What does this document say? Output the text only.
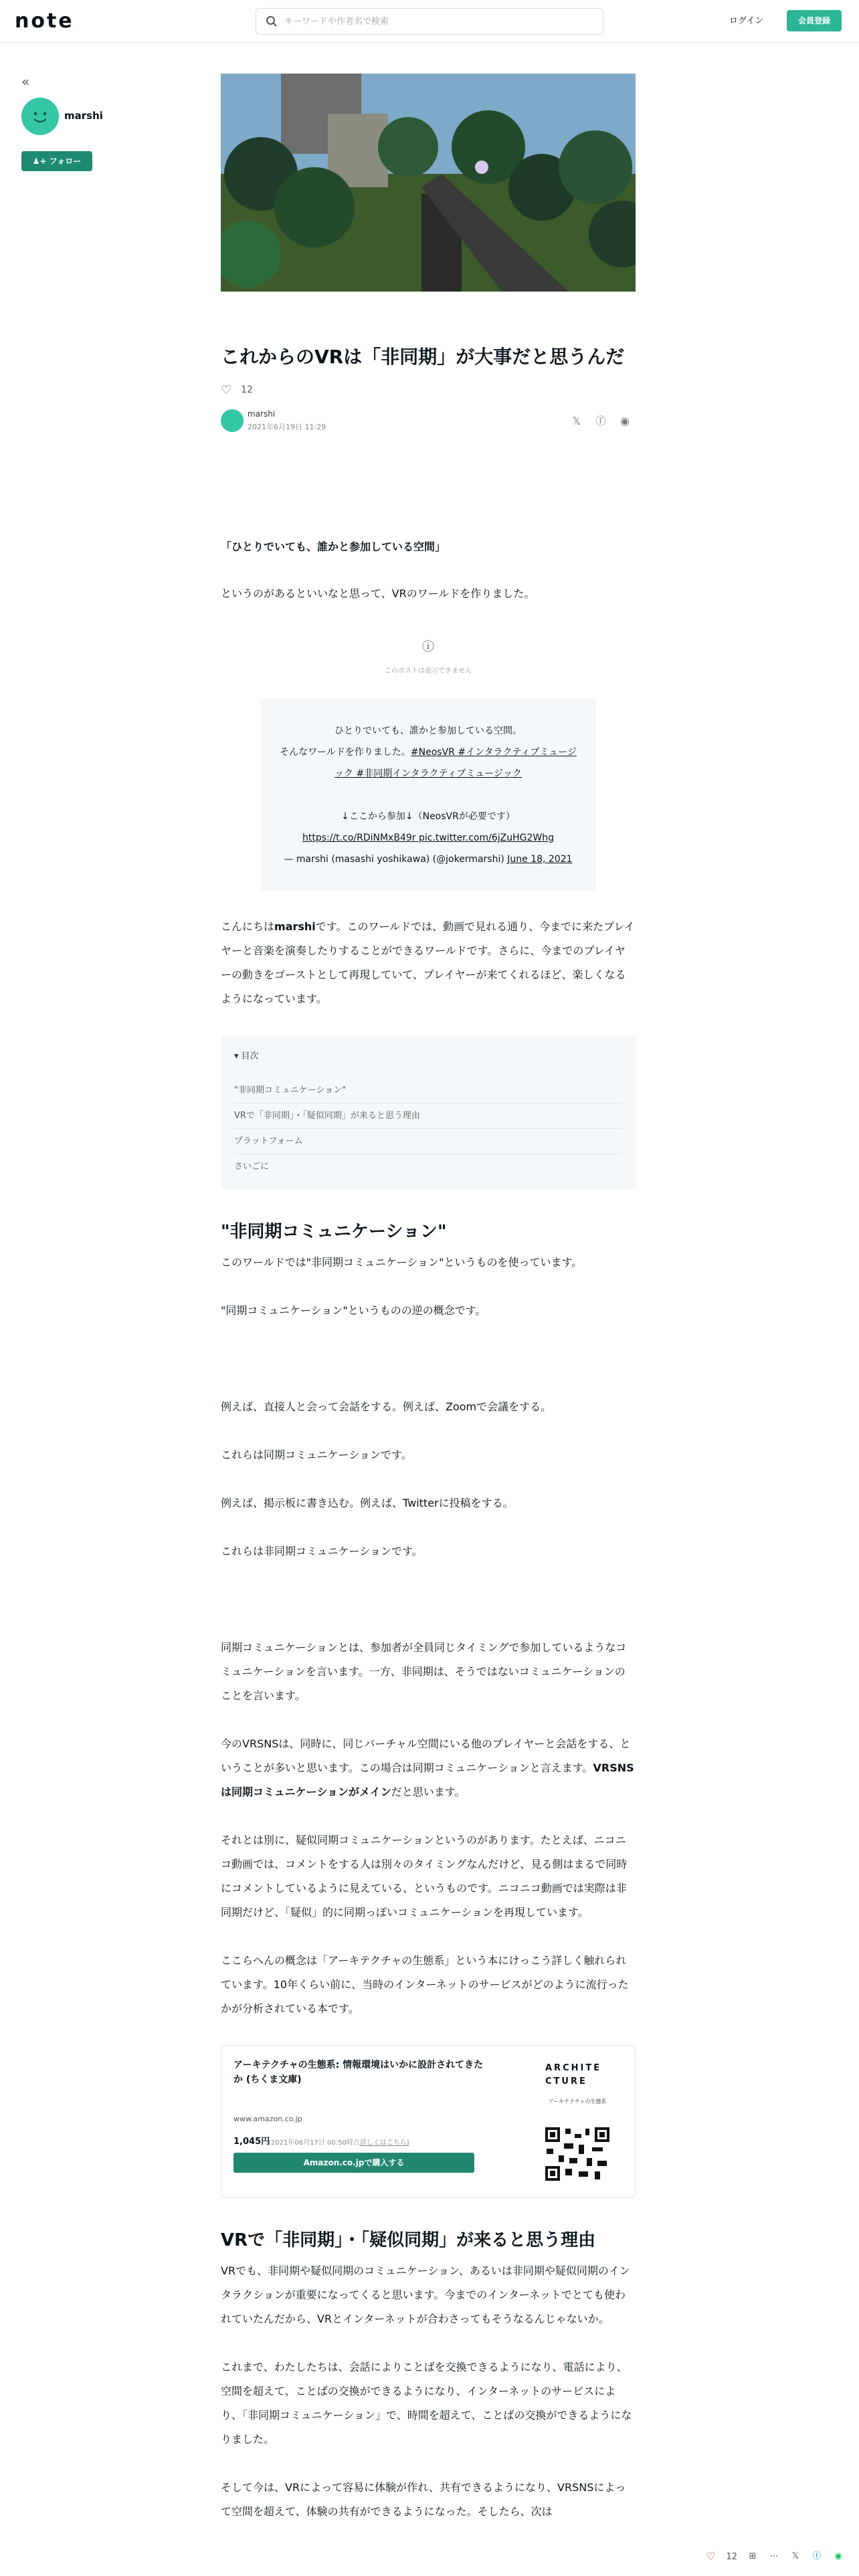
note
キーワードや作者名で検索	ログイン	会員登録
«
marshi
♟+ フォロー
これからのVRは「非同期」が大事だと思うんだ
♡ 12
marshi
2021年6月19日 11:29	𝕏 ⓕ ◉

「ひとりでいても、誰かと参加している空間」

というのがあるといいなと思って、VRのワールドを作りました。

ⓘ
このポストは表示できません
ひとりでいても、誰かと参加している空間。
そんなワールドを作りました。#NeosVR #インタラクティブミュージック #非同期インタラクティブミュージック
↓ここから参加↓（NeosVRが必要です）
https://t.co/RDiNMxB49r pic.twitter.com/6jZuHG2Whg
— marshi (masashi yoshikawa) (@jokermarshi) June 18, 2021

こんにちはmarshiです。このワールドでは、動画で見れる通り、今までに来たプレイヤーと音楽を演奏したりすることができるワールドです。さらに、今までのプレイヤーの動きをゴーストとして再現していて、プレイヤーが来てくれるほど、楽しくなるようになっています。

▾ 目次
"非同期コミュニケーション"
VRで「非同期」・「疑似同期」が来ると思う理由
プラットフォーム
さいごに
"非同期コミュニケーション"

このワールドでは"非同期コミュニケーション"というものを使っています。

"同期コミュニケーション"というものの逆の概念です。

例えば、直接人と会って会話をする。例えば、Zoomで会議をする。

これらは同期コミュニケーションです。

例えば、掲示板に書き込む。例えば、Twitterに投稿をする。

これらは非同期コミュニケーションです。

同期コミュニケーションとは、参加者が全員同じタイミングで参加しているようなコミュニケーションを言います。一方、非同期は、そうではないコミュニケーションのことを言います。

今のVRSNSは、同時に、同じバーチャル空間にいる他のプレイヤーと会話をする、ということが多いと思います。この場合は同期コミュニケーションと言えます。VRSNSは同期コミュニケーションがメインだと思います。

それとは別に、疑似同期コミュニケーションというのがあります。たとえば、ニコニコ動画では、コメントをする人は別々のタイミングなんだけど、見る側はまるで同時にコメントしているように見えている、というものです。ニコニコ動画では実際は非同期だけど、「疑似」的に同期っぽいコミュニケーションを再現しています。

ここらへんの概念は「アーキテクチャの生態系」という本にけっこう詳しく触れられています。10年くらい前に、当時のインターネットのサービスがどのように流行ったかが分析されている本です。

アーキテクチャの生態系: 情報環境はいかに設計されてきたか (ちくま文庫)
www.amazon.co.jp
1,045円
(2021年06月17日 00:50時点詳しくはこちら)
Amazon.co.jpで購入する
ARCHITECTURE
アーキテクチャの生態系
VRで「非同期」・「疑似同期」が来ると思う理由

VRでも、非同期や疑似同期のコミュニケーション、あるいは非同期や疑似同期のインタラクションが重要になってくると思います。今までのインターネットでとても使われていたんだから、VRとインターネットが合わさってもそうなるんじゃないか。

これまで、わたしたちは、会話によりことばを交換できるようになり、電話により、空間を超えて、ことばの交換ができるようになり、インターネットのサービスにより、「非同期コミュニケーション」で、時間を超えて、ことばの交換ができるようになりました。

そして今は、VRによって容易に体験が作れ、共有できるようになり、VRSNSによって空間を超えて、体験の共有ができるようになった。そしたら、次は

♡ 12 ⊞ ⋯ 𝕏 ⓕ ◉
